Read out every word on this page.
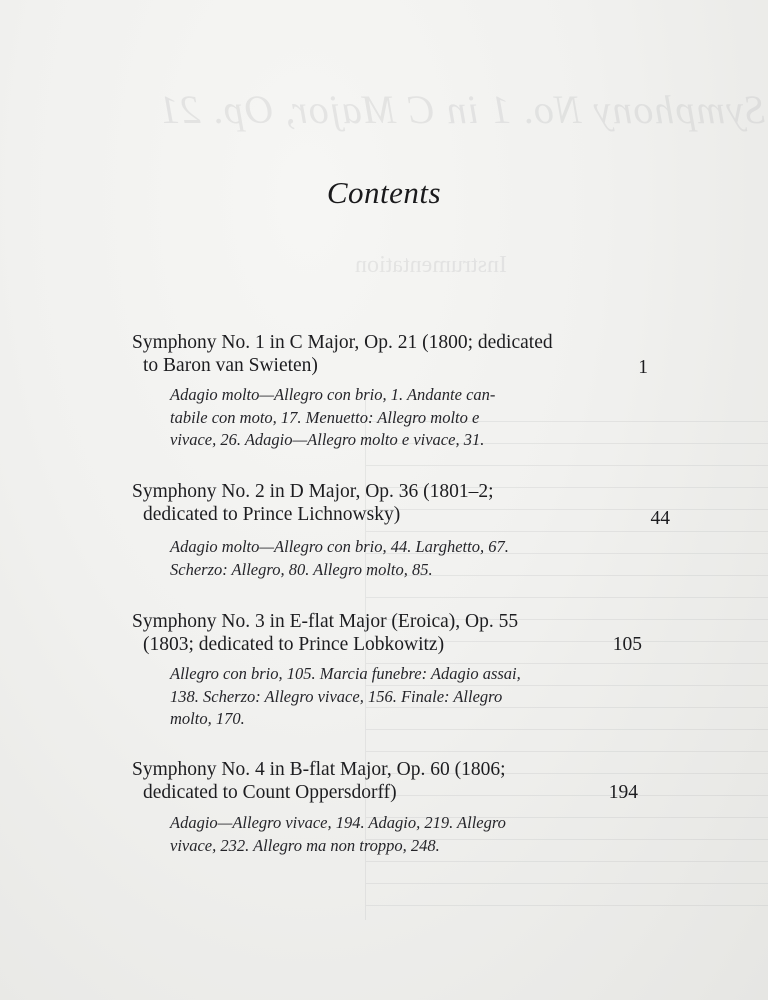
Symphony No. 1 in C Major, Op. 21
Instrumentation
Contents
Symphony No. 1 in C Major, Op. 21 (1800; dedicated
to Baron van Swieten)	1
Adagio molto—Allegro con brio, 1. Andante can-
tabile con moto, 17. Menuetto: Allegro molto e
vivace, 26. Adagio—Allegro molto e vivace, 31.
Symphony No. 2 in D Major, Op. 36 (1801–2;
dedicated to Prince Lichnowsky)	44
Adagio molto—Allegro con brio, 44. Larghetto, 67.
Scherzo: Allegro, 80. Allegro molto, 85.
Symphony No. 3 in E-flat Major (Eroica), Op. 55
(1803; dedicated to Prince Lobkowitz)	105
Allegro con brio, 105. Marcia funebre: Adagio assai,
138. Scherzo: Allegro vivace, 156. Finale: Allegro
molto, 170.
Symphony No. 4 in B-flat Major, Op. 60 (1806;
dedicated to Count Oppersdorff)	194
Adagio—Allegro vivace, 194. Adagio, 219. Allegro
vivace, 232. Allegro ma non troppo, 248.
